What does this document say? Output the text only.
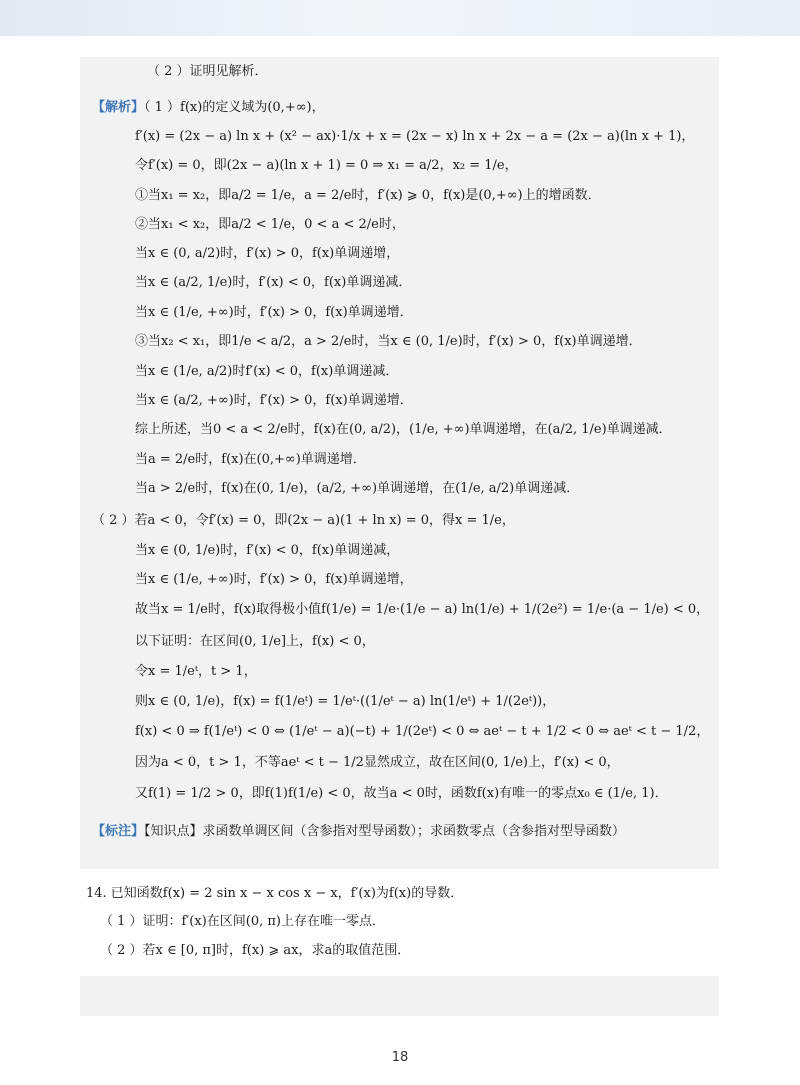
（ 2 ）证明见解析．
【解析】（ 1 ）f(x)的定义域为(0,+∞)，
f′(x) = (2x − a) ln x + (x² − ax)·1/x + x = (2x − x) ln x + 2x − a = (2x − a)(ln x + 1)，
令f′(x) = 0，即(2x − a)(ln x + 1) = 0 ⇒ x₁ = a/2，x₂ = 1/e，
①当x₁ = x₂，即a/2 = 1/e，a = 2/e时，f′(x) ⩾ 0，f(x)是(0,+∞)上的增函数．
②当x₁ < x₂，即a/2 < 1/e，0 < a < 2/e时，
当x ∈ (0, a/2)时，f′(x) > 0，f(x)单调递增，
当x ∈ (a/2, 1/e)时，f′(x) < 0，f(x)单调递减．
当x ∈ (1/e, +∞)时，f′(x) > 0，f(x)单调递增．
③当x₂ < x₁，即1/e < a/2，a > 2/e时，当x ∈ (0, 1/e)时，f′(x) > 0，f(x)单调递增．
当x ∈ (1/e, a/2)时f′(x) < 0，f(x)单调递减．
当x ∈ (a/2, +∞)时，f′(x) > 0，f(x)单调递增．
综上所述，当0 < a < 2/e时，f(x)在(0, a/2)，(1/e, +∞)单调递增，在(a/2, 1/e)单调递减．
当a = 2/e时，f(x)在(0,+∞)单调递增．
当a > 2/e时，f(x)在(0, 1/e)，(a/2, +∞)单调递增，在(1/e, a/2)单调递减．
（ 2 ）若a < 0，令f′(x) = 0，即(2x − a)(1 + ln x) = 0，得x = 1/e，
当x ∈ (0, 1/e)时，f′(x) < 0，f(x)单调递减，
当x ∈ (1/e, +∞)时，f′(x) > 0，f(x)单调递增，
故当x = 1/e时，f(x)取得极小值f(1/e) = 1/e·(1/e − a) ln(1/e) + 1/(2e²) = 1/e·(a − 1/e) < 0，
以下证明：在区间(0, 1/e]上，f(x) < 0，
令x = 1/eᵗ，t > 1，
则x ∈ (0, 1/e)，f(x) = f(1/eᵗ) = 1/eᵗ·((1/eᵗ − a) ln(1/eᵗ) + 1/(2eᵗ))，
f(x) < 0 ⇒ f(1/eᵗ) < 0 ⇔ (1/eᵗ − a)(−t) + 1/(2eᵗ) < 0 ⇔ aeᵗ − t + 1/2 < 0 ⇔ aeᵗ < t − 1/2，
因为a < 0，t > 1，不等aeᵗ < t − 1/2显然成立，故在区间(0, 1/e)上，f′(x) < 0，
又f(1) = 1/2 > 0，即f(1)f(1/e) < 0，故当a < 0时，函数f(x)有唯一的零点x₀ ∈ (1/e, 1)．
【标注】【知识点】求函数单调区间（含参指对型导函数）；求函数零点（含参指对型导函数）
14. 已知函数f(x) = 2 sin x − x cos x − x，f′(x)为f(x)的导数．
（ 1 ）证明：f′(x)在区间(0, π)上存在唯一零点．
（ 2 ）若x ∈ [0, π]时，f(x) ⩾ ax，求a的取值范围．
18
